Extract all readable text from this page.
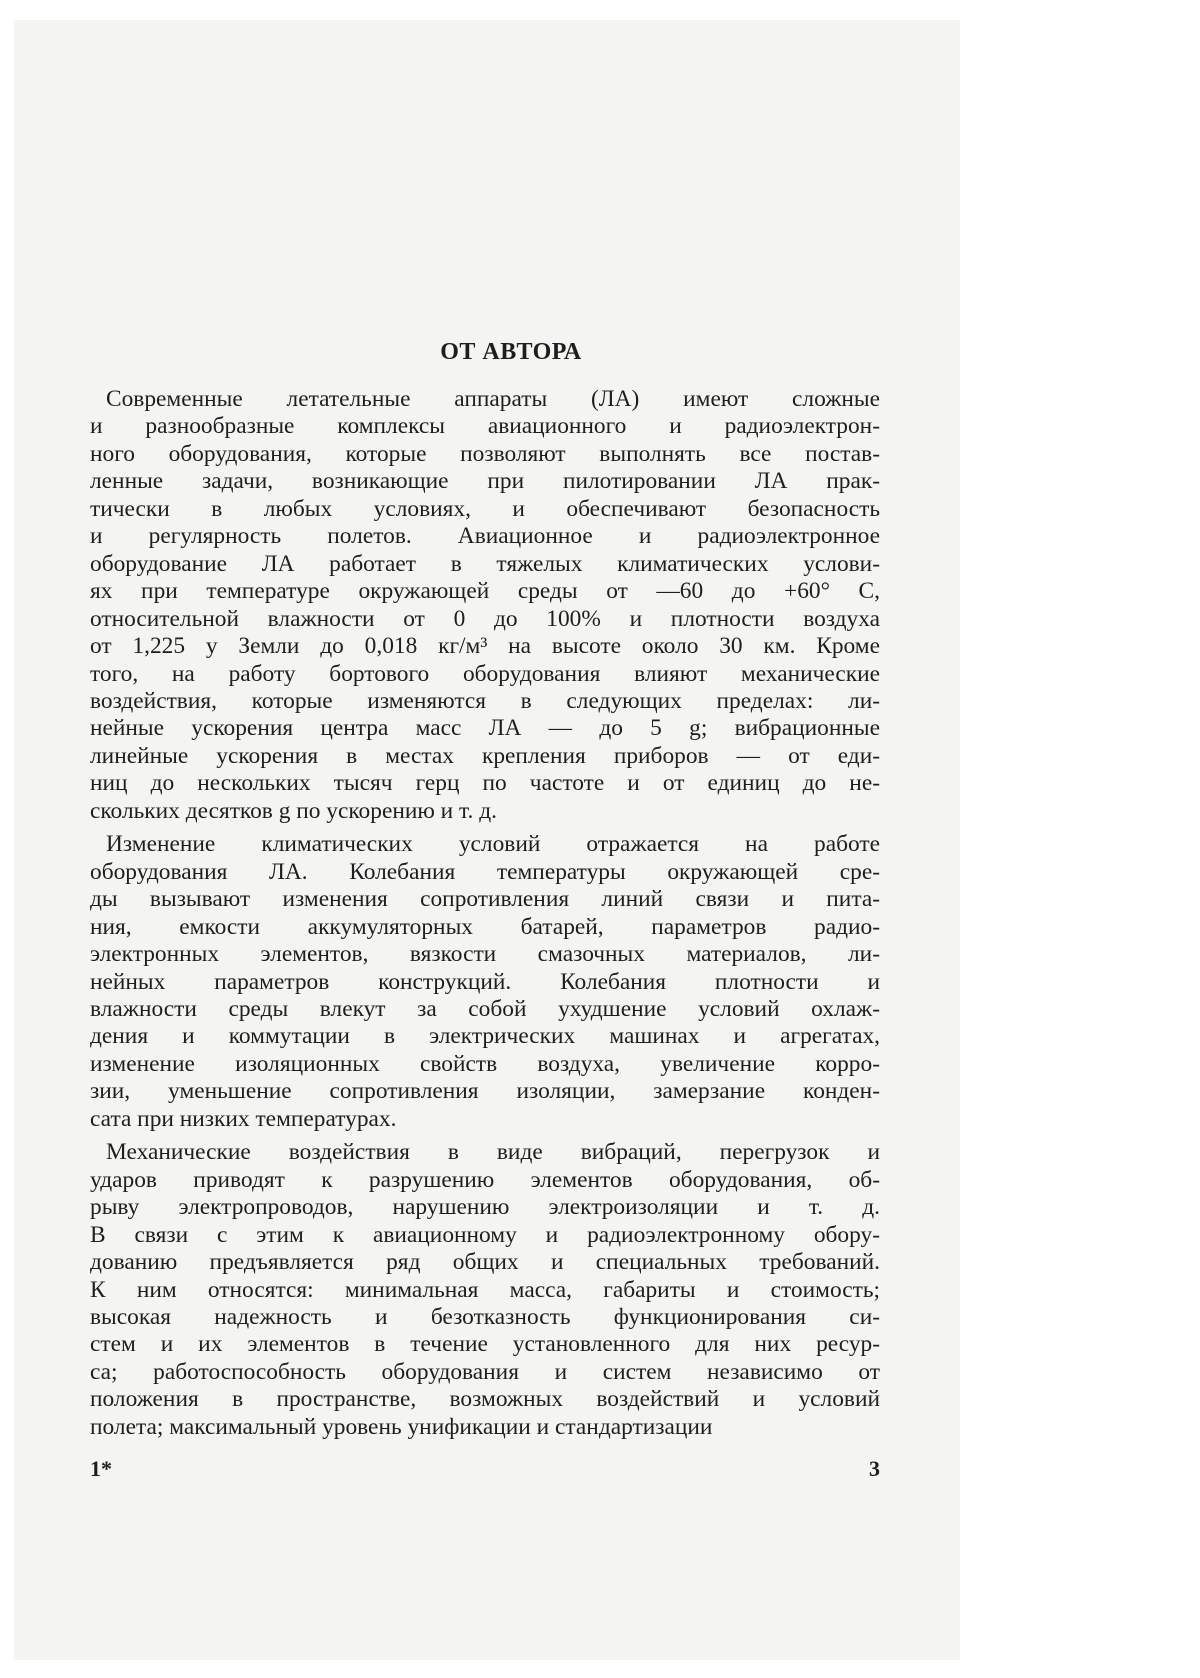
ОТ АВТОРА
Современные летательные аппараты (ЛА) имеют сложные
и разнообразные комплексы авиационного и радиоэлектрон-
ного оборудования, которые позволяют выполнять все постав-
ленные задачи, возникающие при пилотировании ЛА прак-
тически в любых условиях, и обеспечивают безопасность
и регулярность полетов. Авиационное и радиоэлектронное
оборудование ЛА работает в тяжелых климатических услови-
ях при температуре окружающей среды от —60 до +60° С,
относительной влажности от 0 до 100% и плотности воздуха
от 1,225 у Земли до 0,018 кг/м³ на высоте около 30 км. Кроме
того, на работу бортового оборудования влияют механические
воздействия, которые изменяются в следующих пределах: ли-
нейные ускорения центра масс ЛА — до 5 g; вибрационные
линейные ускорения в местах крепления приборов — от еди-
ниц до нескольких тысяч герц по частоте и от единиц до не-
скольких десятков g по ускорению и т. д.
Изменение климатических условий отражается на работе
оборудования ЛА. Колебания температуры окружающей сре-
ды вызывают изменения сопротивления линий связи и пита-
ния, емкости аккумуляторных батарей, параметров радио-
электронных элементов, вязкости смазочных материалов, ли-
нейных параметров конструкций. Колебания плотности и
влажности среды влекут за собой ухудшение условий охлаж-
дения и коммутации в электрических машинах и агрегатах,
изменение изоляционных свойств воздуха, увеличение корро-
зии, уменьшение сопротивления изоляции, замерзание конден-
сата при низких температурах.
Механические воздействия в виде вибраций, перегрузок и
ударов приводят к разрушению элементов оборудования, об-
рыву электропроводов, нарушению электроизоляции и т. д.
В связи с этим к авиационному и радиоэлектронному обору-
дованию предъявляется ряд общих и специальных требований.
К ним относятся: минимальная масса, габариты и стоимость;
высокая надежность и безотказность функционирования си-
стем и их элементов в течение установленного для них ресур-
са; работоспособность оборудования и систем независимо от
положения в пространстве, возможных воздействий и условий
полета; максимальный уровень унификации и стандартизации
1*	3
